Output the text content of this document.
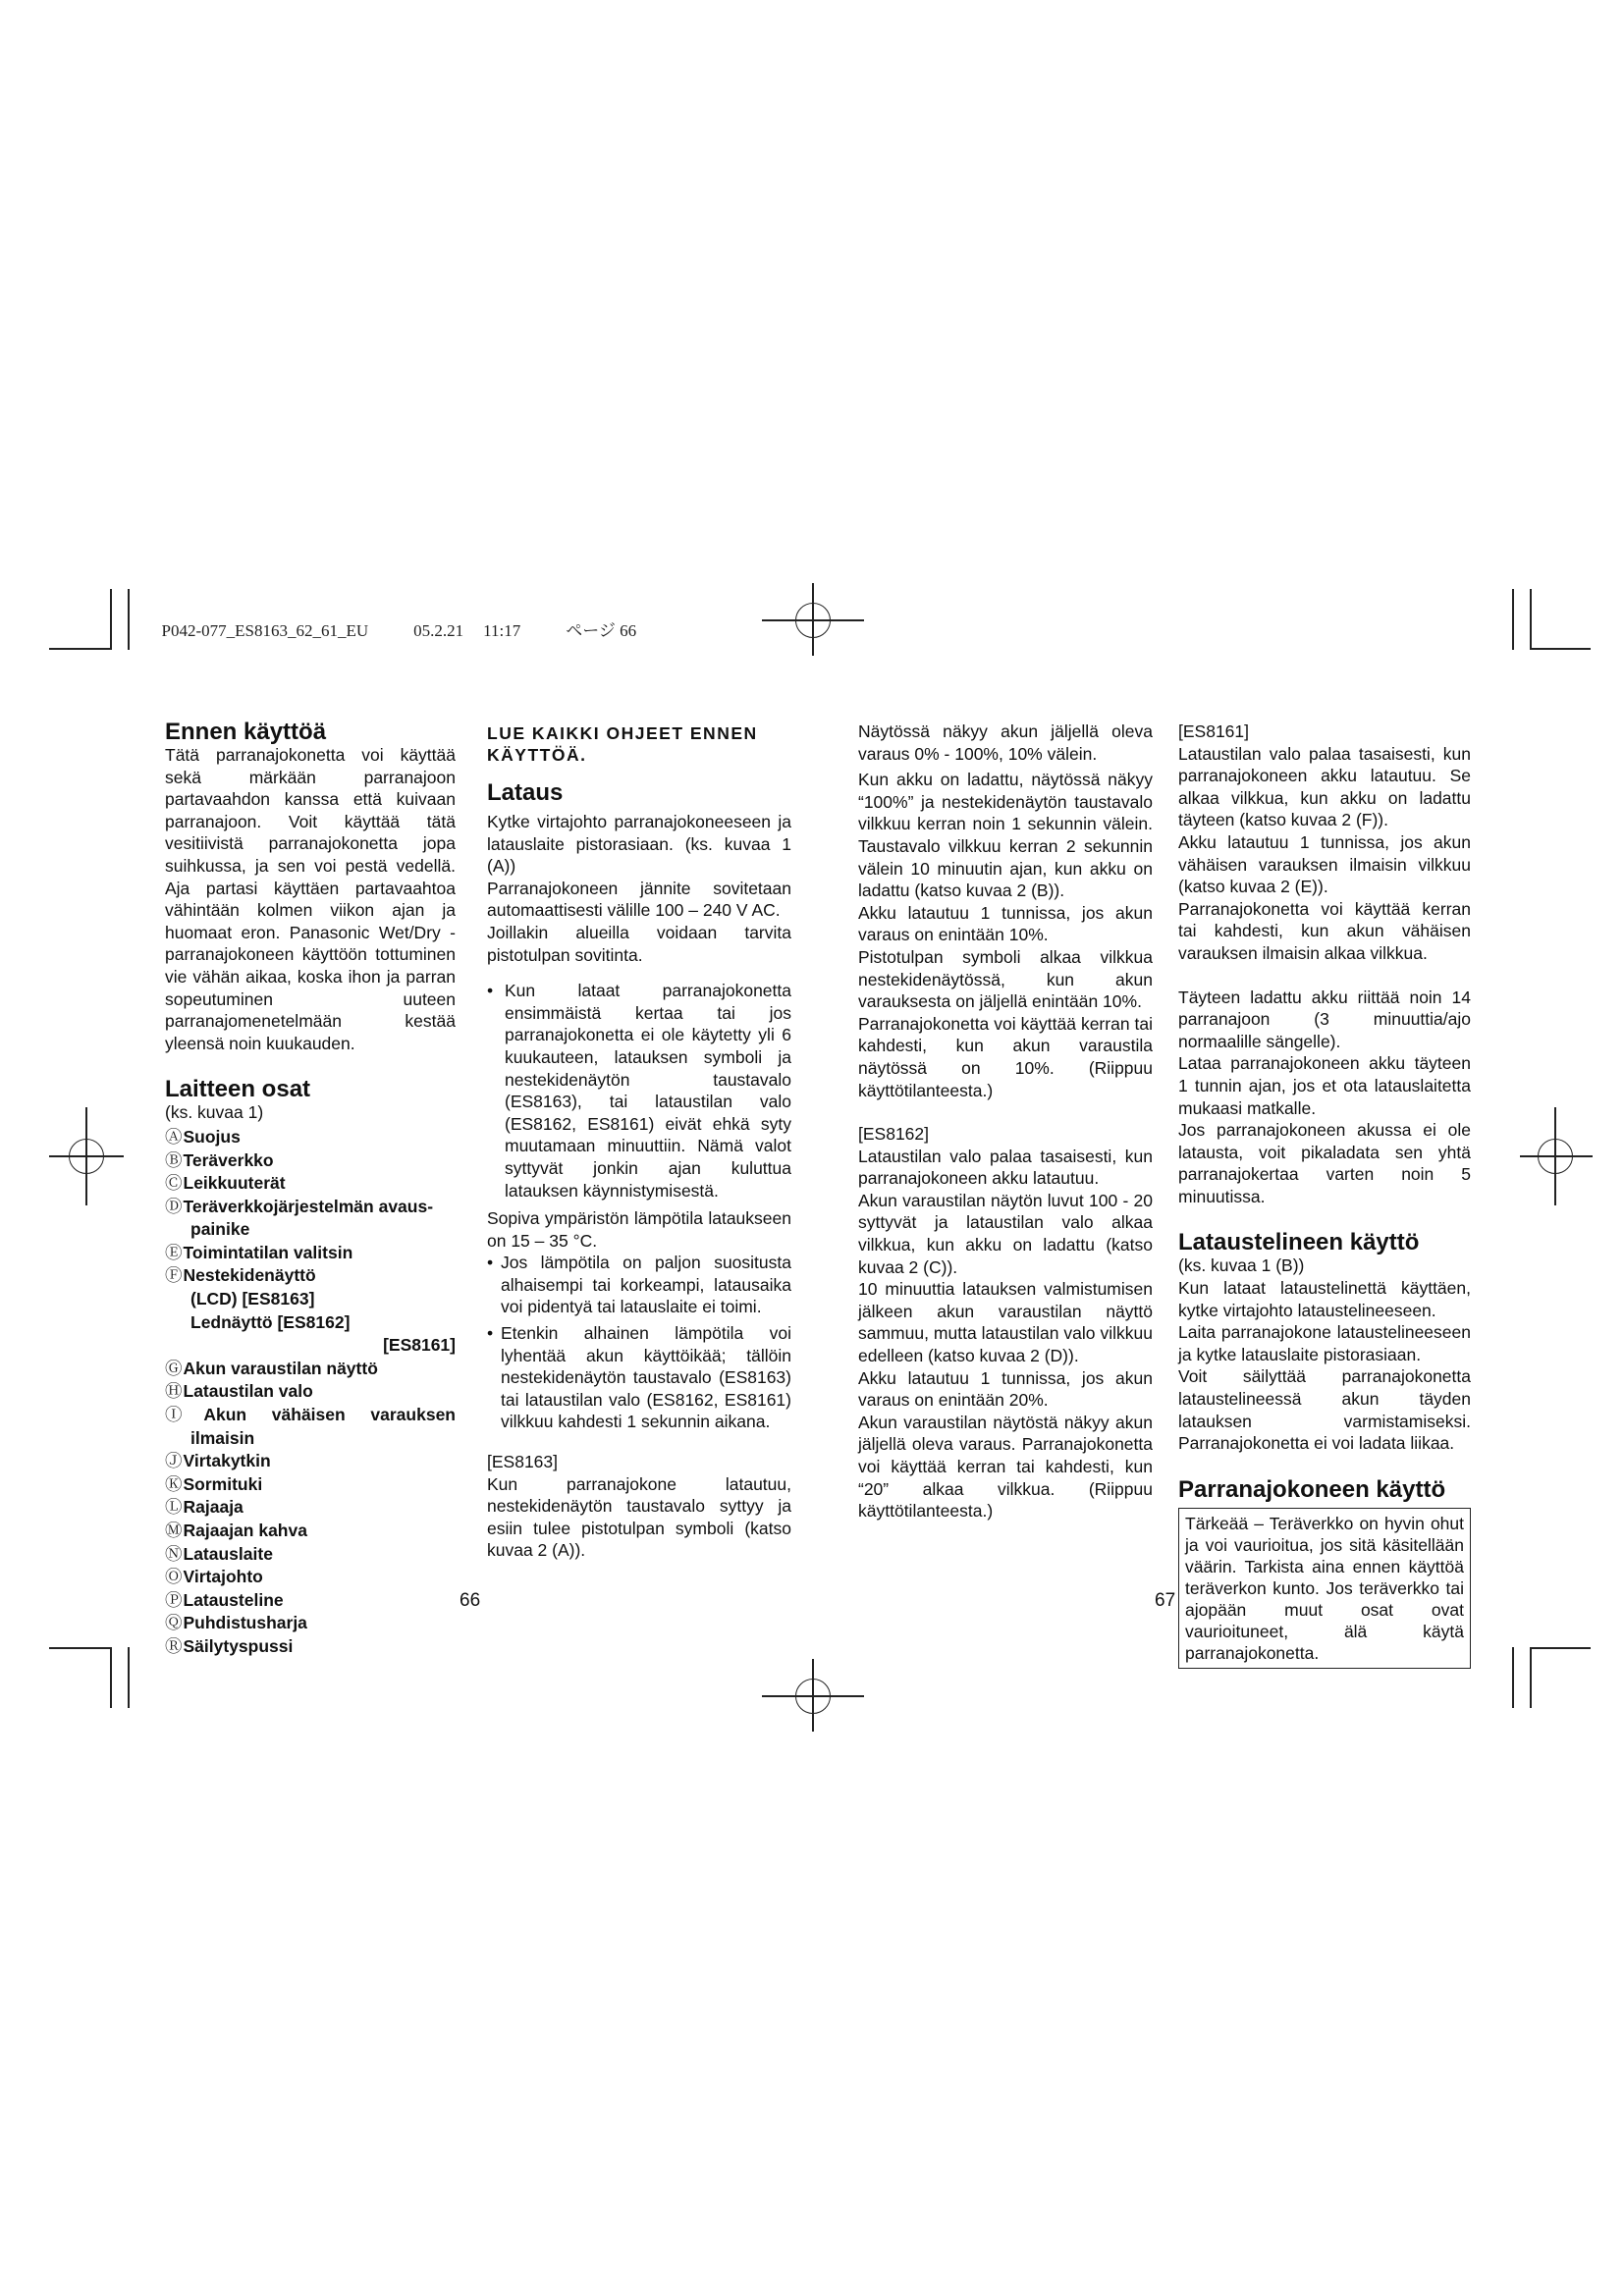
P042-077_ES8163_62_61_EU	05.2.21 11:17	ページ 66

Ennen käyttöä

Tätä parranajokonetta voi käyttää sekä märkään parranajoon partavaahdon kanssa että kuivaan parranajoon. Voit käyttää tätä vesitiivistä parranajokonetta jopa suihkussa, ja sen voi pestä vedellä. Aja partasi käyttäen partavaahtoa vähintään kolmen viikon ajan ja huomaat eron. Panasonic Wet/Dry -parranajokoneen käyttöön tottuminen vie vähän aikaa, koska ihon ja parran sopeutuminen uuteen parranajomenetelmään kestää yleensä noin kuukauden.

Laitteen osat

(ks. kuvaa 1)

ⒶSuojus
ⒷTeräverkko
ⒸLeikkuuterät
ⒹTeräverkkojärjestelmän avaus-
painike
ⒺToimintatilan valitsin
ⒻNestekidenäyttö
(LCD) [ES8163]
Lednäyttö [ES8162]
[ES8161]
ⒼAkun varaustilan näyttö
ⒽLataustilan valo
ⒾAkun vähäisen varauksen
ilmaisin
ⒿVirtakytkin
ⓀSormituki
ⓁRajaaja
ⓂRajaajan kahva
ⓃLatauslaite
ⓄVirtajohto
ⓅLatausteline
ⓆPuhdistusharja
ⓇSäilytyspussi

LUE KAIKKI OHJEET ENNEN KÄYTTÖÄ.

Lataus

Kytke virtajohto parranajokoneeseen ja latauslaite pistorasiaan. (ks. kuvaa 1 (A))

Parranajokoneen jännite sovitetaan automaattisesti välille 100 – 240 V AC.

Joillakin alueilla voidaan tarvita pistotulpan sovitinta.

• Kun lataat parranajokonetta ensimmäistä kertaa tai jos parranajokonetta ei ole käytetty yli 6 kuukauteen, latauksen symboli ja nestekidenäytön taustavalo (ES8163), tai lataustilan valo (ES8162, ES8161) eivät ehkä syty muutamaan minuuttiin. Nämä valot syttyvät jonkin ajan kuluttua latauksen käynnistymisestä.

Sopiva ympäristön lämpötila lataukseen on 15 – 35 °C.

• Jos lämpötila on paljon suositusta alhaisempi tai korkeampi, latausaika voi pidentyä tai latauslaite ei toimi.
• Etenkin alhainen lämpötila voi lyhentää akun käyttöikää; tällöin nestekidenäytön taustavalo (ES8163) tai lataustilan valo (ES8162, ES8161) vilkkuu kahdesti 1 sekunnin aikana.

[ES8163]

Kun parranajokone latautuu, nestekidenäytön taustavalo syttyy ja esiin tulee pistotulpan symboli (katso kuvaa 2 (A)).

Näytössä näkyy akun jäljellä oleva varaus 0% - 100%, 10% välein.

Kun akku on ladattu, näytössä näkyy “100%” ja nestekidenäytön taustavalo vilkkuu kerran noin 1 sekunnin välein. Taustavalo vilkkuu kerran 2 sekunnin välein 10 minuutin ajan, kun akku on ladattu (katso kuvaa 2 (B)).

Akku latautuu 1 tunnissa, jos akun varaus on enintään 10%.

Pistotulpan symboli alkaa vilkkua nestekidenäytössä, kun akun varauksesta on jäljellä enintään 10%.

Parranajokonetta voi käyttää kerran tai kahdesti, kun akun varaustila näytössä on 10%. (Riippuu käyttötilanteesta.)

[ES8162]

Lataustilan valo palaa tasaisesti, kun parranajokoneen akku latautuu.

Akun varaustilan näytön luvut 100 - 20 syttyvät ja lataustilan valo alkaa vilkkua, kun akku on ladattu (katso kuvaa 2 (C)).

10 minuuttia latauksen valmistumisen jälkeen akun varaustilan näyttö sammuu, mutta lataustilan valo vilkkuu edelleen (katso kuvaa 2 (D)).

Akku latautuu 1 tunnissa, jos akun varaus on enintään 20%.

Akun varaustilan näytöstä näkyy akun jäljellä oleva varaus. Parranajokonetta voi käyttää kerran tai kahdesti, kun “20” alkaa vilkkua. (Riippuu käyttötilanteesta.)

[ES8161]

Lataustilan valo palaa tasaisesti, kun parranajokoneen akku latautuu. Se alkaa vilkkua, kun akku on ladattu täyteen (katso kuvaa 2 (F)).

Akku latautuu 1 tunnissa, jos akun vähäisen varauksen ilmaisin vilkkuu (katso kuvaa 2 (E)).

Parranajokonetta voi käyttää kerran tai kahdesti, kun akun vähäisen varauksen ilmaisin alkaa vilkkua.

Täyteen ladattu akku riittää noin 14 parranajoon (3 minuuttia/ajo normaalille sängelle).

Lataa parranajokoneen akku täyteen 1 tunnin ajan, jos et ota latauslaitetta mukaasi matkalle.

Jos parranajokoneen akussa ei ole latausta, voit pikaladata sen yhtä parranajokertaa varten noin 5 minuutissa.

Lataustelineen käyttö

(ks. kuvaa 1 (B))

Kun lataat lataustelinettä käyttäen, kytke virtajohto lataustelineeseen.

Laita parranajokone lataustelineeseen ja kytke latauslaite pistorasiaan.

Voit säilyttää parranajokonetta lataustelineessä akun täyden latauksen varmistamiseksi. Parranajokonetta ei voi ladata liikaa.

Parranajokoneen käyttö
Tärkeää – Teräverkko on hyvin ohut ja voi vaurioitua, jos sitä käsitellään väärin. Tarkista aina ennen käyttöä teräverkon kunto. Jos teräverkko tai ajopään muut osat ovat vaurioituneet, älä käytä parranajokonetta.
66	67
